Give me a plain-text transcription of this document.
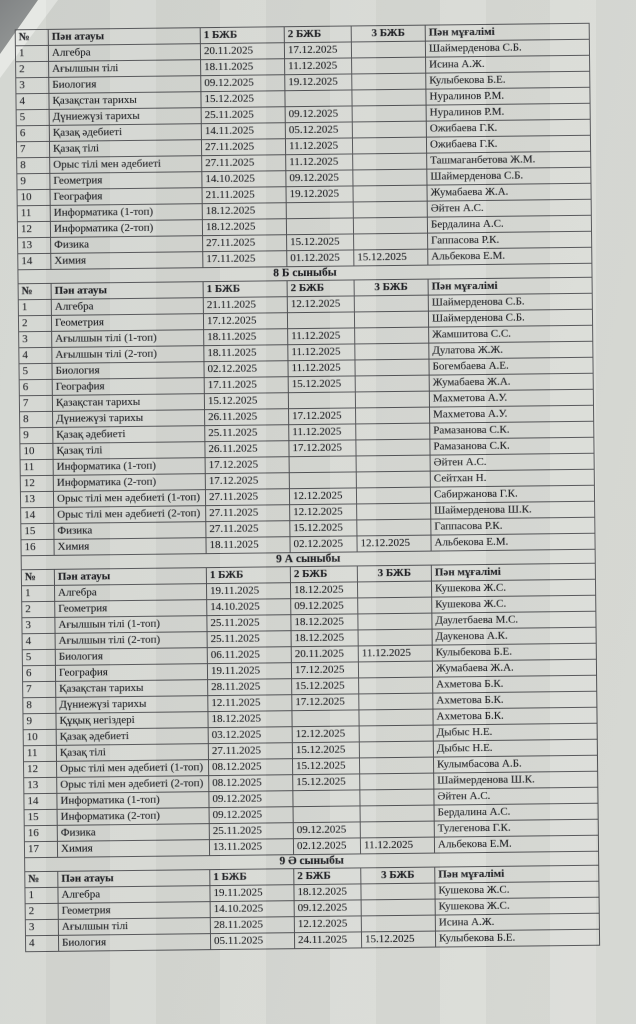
№	Пән атауы	1 БЖБ	2 БЖБ	3 БЖБ	Пән мұғалімі
1	Алгебра	20.11.2025	17.12.2025		Шаймерденова С.Б.
2	Ағылшын тілі	18.11.2025	11.12.2025		Исина А.Ж.
3	Биология	09.12.2025	19.12.2025		Кулыбекова Б.Е.
4	Қазақстан тарихы	15.12.2025			Нуралинов Р.М.
5	Дүниежүзі тарихы	25.11.2025	09.12.2025		Нуралинов Р.М.
6	Қазақ әдебиеті	14.11.2025	05.12.2025		Ожибаева Г.К.
7	Қазақ тілі	27.11.2025	11.12.2025		Ожибаева Г.К.
8	Орыс тілі мен әдебиеті	27.11.2025	11.12.2025		Ташмаганбетова Ж.М.
9	Геометрия	14.10.2025	09.12.2025		Шаймерденова С.Б.
10	География	21.11.2025	19.12.2025		Жумабаева Ж.А.
11	Информатика (1-топ)	18.12.2025			Әйтен А.С.
12	Информатика (2-топ)	18.12.2025			Бердалина А.С.
13	Физика	27.11.2025	15.12.2025		Гаппасова Р.К.
14	Химия	17.11.2025	01.12.2025	15.12.2025	Альбекова Е.М.
8 Б сыныбы					
№	Пән атауы	1 БЖБ	2 БЖБ	3 БЖБ	Пән мұғалімі
1	Алгебра	21.11.2025	12.12.2025		Шаймерденова С.Б.
2	Геометрия	17.12.2025			Шаймерденова С.Б.
3	Ағылшын тілі (1-топ)	18.11.2025	11.12.2025		Жамшитова С.С.
4	Ағылшын тілі (2-топ)	18.11.2025	11.12.2025		Дулатова Ж.Ж.
5	Биология	02.12.2025	11.12.2025		Богембаева А.Е.
6	География	17.11.2025	15.12.2025		Жумабаева Ж.А.
7	Қазақстан тарихы	15.12.2025			Махметова А.У.
8	Дүниежүзі тарихы	26.11.2025	17.12.2025		Махметова А.У.
9	Қазақ әдебиеті	25.11.2025	11.12.2025		Рамазанова С.К.
10	Қазақ тілі	26.11.2025	17.12.2025		Рамазанова С.К.
11	Информатика (1-топ)	17.12.2025			Әйтен А.С.
12	Информатика (2-топ)	17.12.2025			Сейтхан Н.
13	Орыс тілі мен әдебиеті (1-топ)	27.11.2025	12.12.2025		Сабиржанова Г.К.
14	Орыс тілі мен әдебиеті (2-топ)	27.11.2025	12.12.2025		Шаймерденова Ш.К.
15	Физика	27.11.2025	15.12.2025		Гаппасова Р.К.
16	Химия	18.11.2025	02.12.2025	12.12.2025	Альбекова Е.М.
9 А сыныбы					
№	Пән атауы	1 БЖБ	2 БЖБ	3 БЖБ	Пән мұғалімі
1	Алгебра	19.11.2025	18.12.2025		Кушекова Ж.С.
2	Геометрия	14.10.2025	09.12.2025		Кушекова Ж.С.
3	Ағылшын тілі (1-топ)	25.11.2025	18.12.2025		Даулетбаева М.С.
4	Ағылшын тілі (2-топ)	25.11.2025	18.12.2025		Даукенова А.К.
5	Биология	06.11.2025	20.11.2025	11.12.2025	Кулыбекова Б.Е.
6	География	19.11.2025	17.12.2025		Жумабаева Ж.А.
7	Қазақстан тарихы	28.11.2025	15.12.2025		Ахметова Б.К.
8	Дүниежүзі тарихы	12.11.2025	17.12.2025		Ахметова Б.К.
9	Құқық негіздері	18.12.2025			Ахметова Б.К.
10	Қазақ әдебиеті	03.12.2025	12.12.2025		Дыбыс Н.Е.
11	Қазақ тілі	27.11.2025	15.12.2025		Дыбыс Н.Е.
12	Орыс тілі мен әдебиеті (1-топ)	08.12.2025	15.12.2025		Кулымбасова А.Б.
13	Орыс тілі мен әдебиеті (2-топ)	08.12.2025	15.12.2025		Шаймерденова Ш.К.
14	Информатика (1-топ)	09.12.2025			Әйтен А.С.
15	Информатика (2-топ)	09.12.2025			Бердалина А.С.
16	Физика	25.11.2025	09.12.2025		Тулегенова Г.К.
17	Химия	13.11.2025	02.12.2025	11.12.2025	Альбекова Е.М.
9 Ә сыныбы					
№	Пән атауы	1 БЖБ	2 БЖБ	3 БЖБ	Пән мұғалімі
1	Алгебра	19.11.2025	18.12.2025		Кушекова Ж.С.
2	Геометрия	14.10.2025	09.12.2025		Кушекова Ж.С.
3	Ағылшын тілі	28.11.2025	12.12.2025		Исина А.Ж.
4	Биология	05.11.2025	24.11.2025	15.12.2025	Кулыбекова Б.Е.
